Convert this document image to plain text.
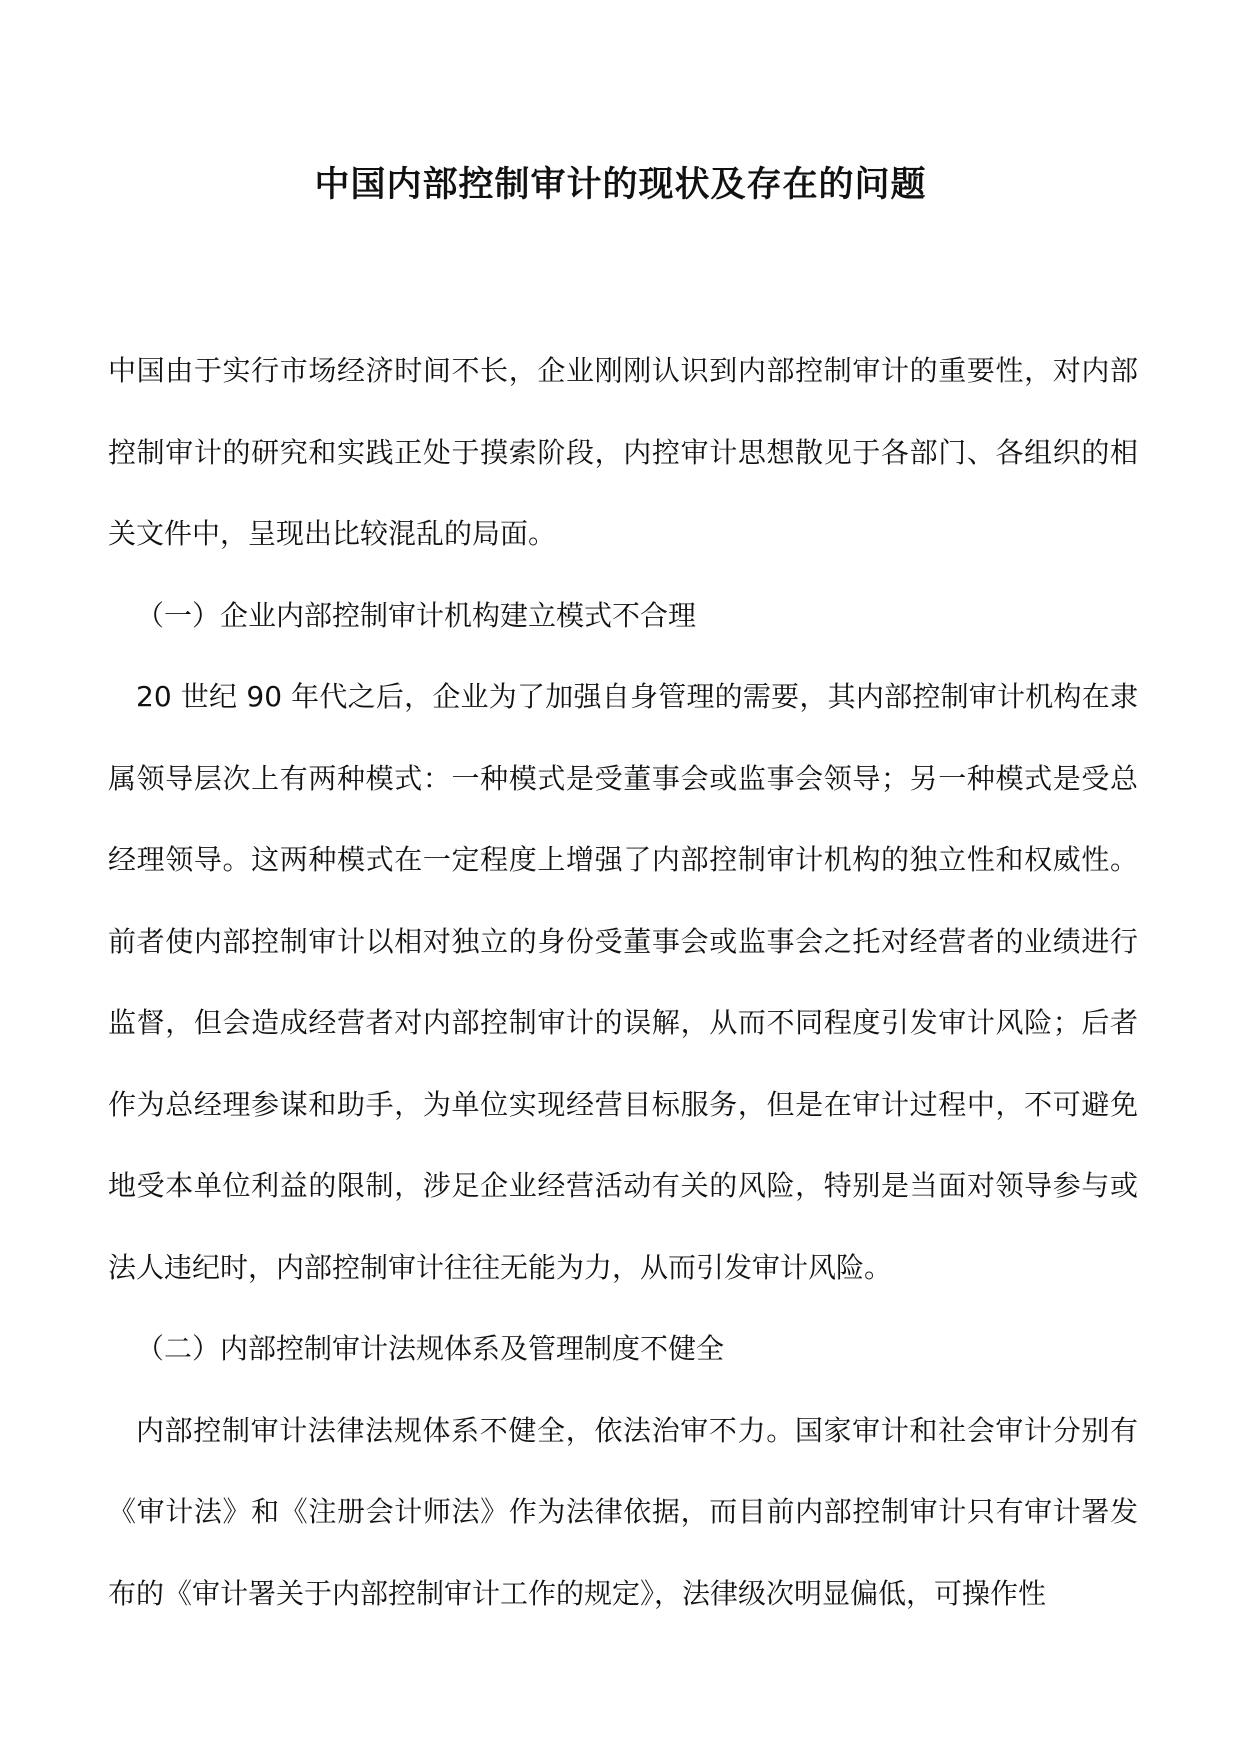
中国内部控制审计的现状及存在的问题

中国由于实行市场经济时间不长，企业刚刚认识到内部控制审计的重要性，对内部控制审计的研究和实践正处于摸索阶段，内控审计思想散见于各部门、各组织的相关文件中，呈现出比较混乱的局面。

（一）企业内部控制审计机构建立模式不合理

20 世纪 90 年代之后，企业为了加强自身管理的需要，其内部控制审计机构在隶属领导层次上有两种模式：一种模式是受董事会或监事会领导；另一种模式是受总经理领导。这两种模式在一定程度上增强了内部控制审计机构的独立性和权威性。前者使内部控制审计以相对独立的身份受董事会或监事会之托对经营者的业绩进行监督，但会造成经营者对内部控制审计的误解，从而不同程度引发审计风险；后者作为总经理参谋和助手，为单位实现经营目标服务，但是在审计过程中，不可避免地受本单位利益的限制，涉足企业经营活动有关的风险，特别是当面对领导参与或法人违纪时，内部控制审计往往无能为力，从而引发审计风险。

（二）内部控制审计法规体系及管理制度不健全

内部控制审计法律法规体系不健全，依法治审不力。国家审计和社会审计分别有《审计法》和《注册会计师法》作为法律依据，而目前内部控制审计只有审计署发布的《审计署关于内部控制审计工作的规定》，法律级次明显偏低，可操作性
